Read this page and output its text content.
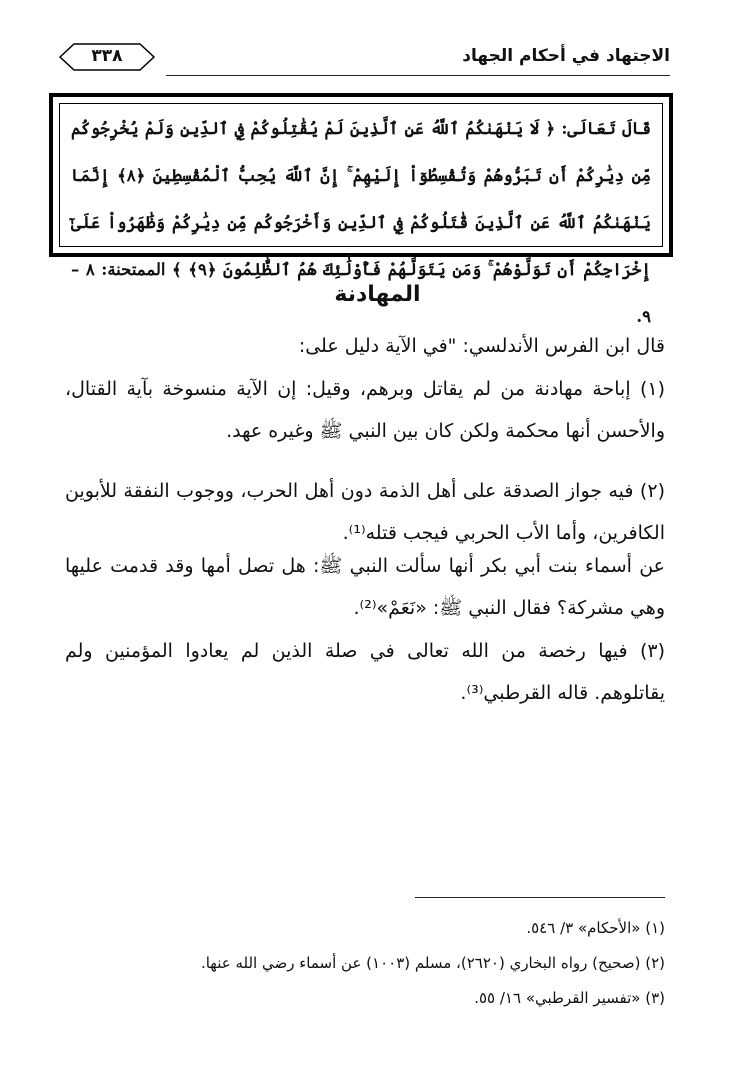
٣٣٨	الاجتهاد في أحكام الجهاد
قَالَ تَعَالَى: ﴿ لَا يَنْهَىٰكُمُ ٱللَّهُ عَنِ ٱلَّذِينَ لَمْ يُقَٰتِلُوكُمْ فِي ٱلدِّينِ وَلَمْ يُخْرِجُوكُم مِّن دِيَٰرِكُمْ أَن تَبَرُّوهُمْ وَتُقْسِطُوٓاْ إِلَيْهِمْ ۚ إِنَّ ٱللَّهَ يُحِبُّ ٱلْمُقْسِطِينَ ﴿٨﴾ إِنَّمَا يَنْهَىٰكُمُ ٱللَّهُ عَنِ ٱلَّذِينَ قَٰتَلُوكُمْ فِي ٱلدِّينِ وَأَخْرَجُوكُم مِّن دِيَٰرِكُمْ وَظَٰهَرُواْ عَلَىٰٓ إِخْرَاجِكُمْ أَن تَوَلَّوْهُمْ ۚ وَمَن يَتَوَلَّهُمْ فَأُوْلَٰٓئِكَ هُمُ ٱلظَّٰلِمُونَ ﴿٩﴾ ﴾ الممتحنة: ٨ – ٩.
المهادنة

قال ابن الفرس الأندلسي: "في الآية دليل على:

(١) إباحة مهادنة من لم يقاتل وبرهم، وقيل: إن الآية منسوخة بآية القتال، والأحسن أنها محكمة ولكن كان بين النبي ﷺ وغيره عهد.

(٢) فيه جواز الصدقة على أهل الذمة دون أهل الحرب، ووجوب النفقة للأبوين الكافرين، وأما الأب الحربي فيجب قتله⁽¹⁾.

عن أسماء بنت أبي بكر أنها سألت النبي ﷺ: هل تصل أمها وقد قدمت عليها وهي مشركة؟ فقال النبي ﷺ: «نَعَمْ»⁽²⁾.

(٣) فيها رخصة من الله تعالى في صلة الذين لم يعادوا المؤمنين ولم يقاتلوهم. قاله القرطبي⁽³⁾.

(١) «الأحكام» ٣/ ٥٤٦.
(٢) (صحيح) رواه البخاري (٢٦٢٠)، مسلم (١٠٠٣) عن أسماء رضي الله عنها.
(٣) «تفسير القرطبي» ١٦/ ٥٥.
